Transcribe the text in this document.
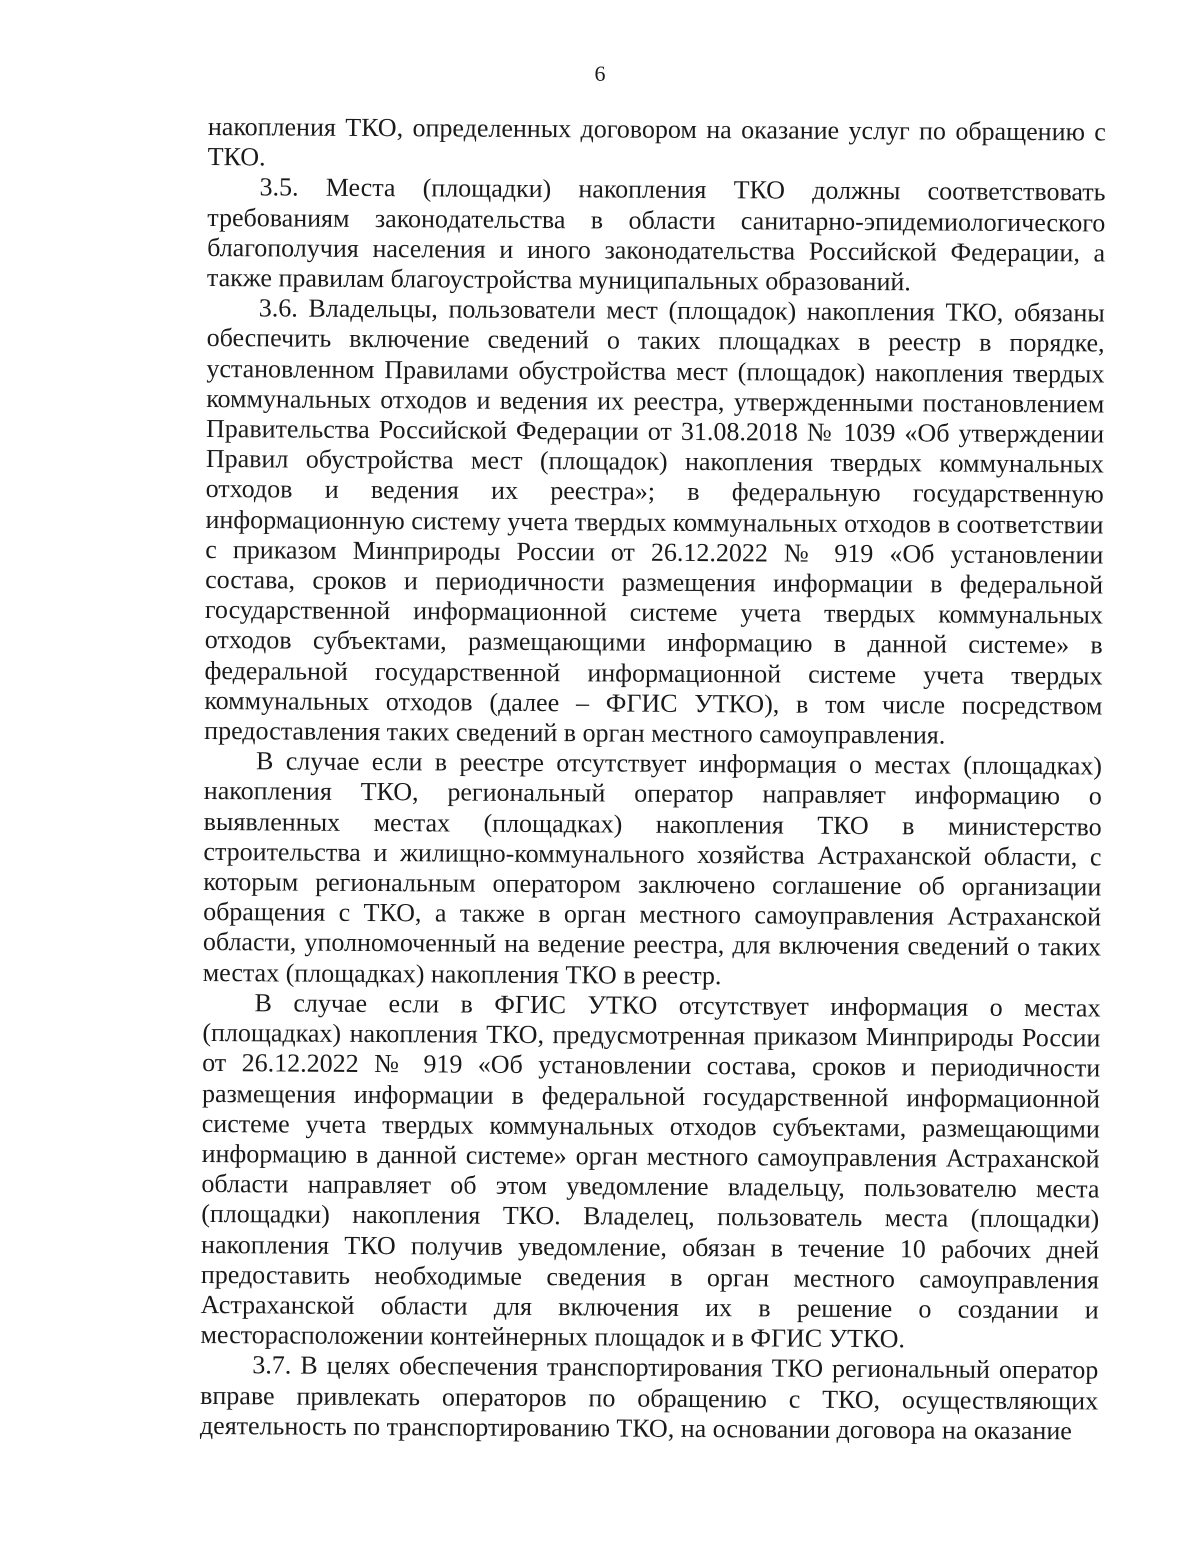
6

накопления ТКО, определенных договором на оказание услуг по обращению с ТКО.

3.5. Места (площадки) накопления ТКО должны соответствовать требованиям законодательства в области санитарно-эпидемиологического благополучия населения и иного законодательства Российской Федерации, а также правилам благоустройства муниципальных образований.

3.6. Владельцы, пользователи мест (площадок) накопления ТКО, обязаны обеспечить включение сведений о таких площадках в реестр в порядке, установленном Правилами обустройства мест (площадок) накопления твердых коммунальных отходов и ведения их реестра, утвержденными постановлением Правительства Российской Федерации от 31.08.2018 № 1039 «Об утверждении Правил обустройства мест (площадок) накопления твердых коммунальных отходов и ведения их реестра»; в федеральную государственную информационную систему учета твердых коммунальных отходов в соответствии с приказом Минприроды России от 26.12.2022 № 919 «Об установлении состава, сроков и периодичности размещения информации в федеральной государственной информационной системе учета твердых коммунальных отходов субъектами, размещающими информацию в данной системе» в федеральной государственной информационной системе учета твердых коммунальных отходов (далее – ФГИС УТКО), в том числе посредством предоставления таких сведений в орган местного самоуправления.

В случае если в реестре отсутствует информация о местах (площадках) накопления ТКО, региональный оператор направляет информацию о выявленных местах (площадках) накопления ТКО в министерство строительства и жилищно-коммунального хозяйства Астраханской области, с которым региональным оператором заключено соглашение об организации обращения с ТКО, а также в орган местного самоуправления Астраханской области, уполномоченный на ведение реестра, для включения сведений о таких местах (площадках) накопления ТКО в реестр.

В случае если в ФГИС УТКО отсутствует информация о местах (площадках) накопления ТКО, предусмотренная приказом Минприроды России от 26.12.2022 № 919 «Об установлении состава, сроков и периодичности размещения информации в федеральной государственной информационной системе учета твердых коммунальных отходов субъектами, размещающими информацию в данной системе» орган местного самоуправления Астраханской области направляет об этом уведомление владельцу, пользователю места (площадки) накопления ТКО. Владелец, пользователь места (площадки) накопления ТКО получив уведомление, обязан в течение 10 рабочих дней предоставить необходимые сведения в орган местного самоуправления Астраханской области для включения их в решение о создании и месторасположении контейнерных площадок и в ФГИС УТКО.

3.7. В целях обеспечения транспортирования ТКО региональный оператор вправе привлекать операторов по обращению с ТКО, осуществляющих деятельность по транспортированию ТКО, на основании договора на оказание
